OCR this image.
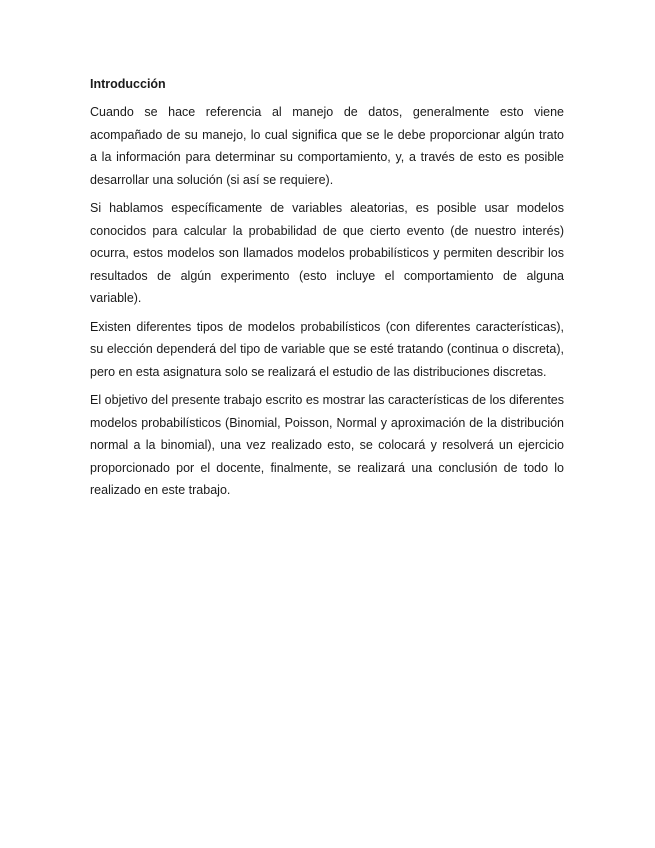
Introducción

Cuando se hace referencia al manejo de datos, generalmente esto viene acompañado de su manejo, lo cual significa que se le debe proporcionar algún trato a la información para determinar su comportamiento, y, a través de esto es posible desarrollar una solución (si así se requiere).

Si hablamos específicamente de variables aleatorias, es posible usar modelos conocidos para calcular la probabilidad de que cierto evento (de nuestro interés) ocurra, estos modelos son llamados modelos probabilísticos y permiten describir los resultados de algún experimento (esto incluye el comportamiento de alguna variable).

Existen diferentes tipos de modelos probabilísticos (con diferentes características), su elección dependerá del tipo de variable que se esté tratando (continua o discreta), pero en esta asignatura solo se realizará el estudio de las distribuciones discretas.

El objetivo del presente trabajo escrito es mostrar las características de los diferentes modelos probabilísticos (Binomial, Poisson, Normal y aproximación de la distribución normal a la binomial), una vez realizado esto, se colocará y resolverá un ejercicio proporcionado por el docente, finalmente, se realizará una conclusión de todo lo realizado en este trabajo.
